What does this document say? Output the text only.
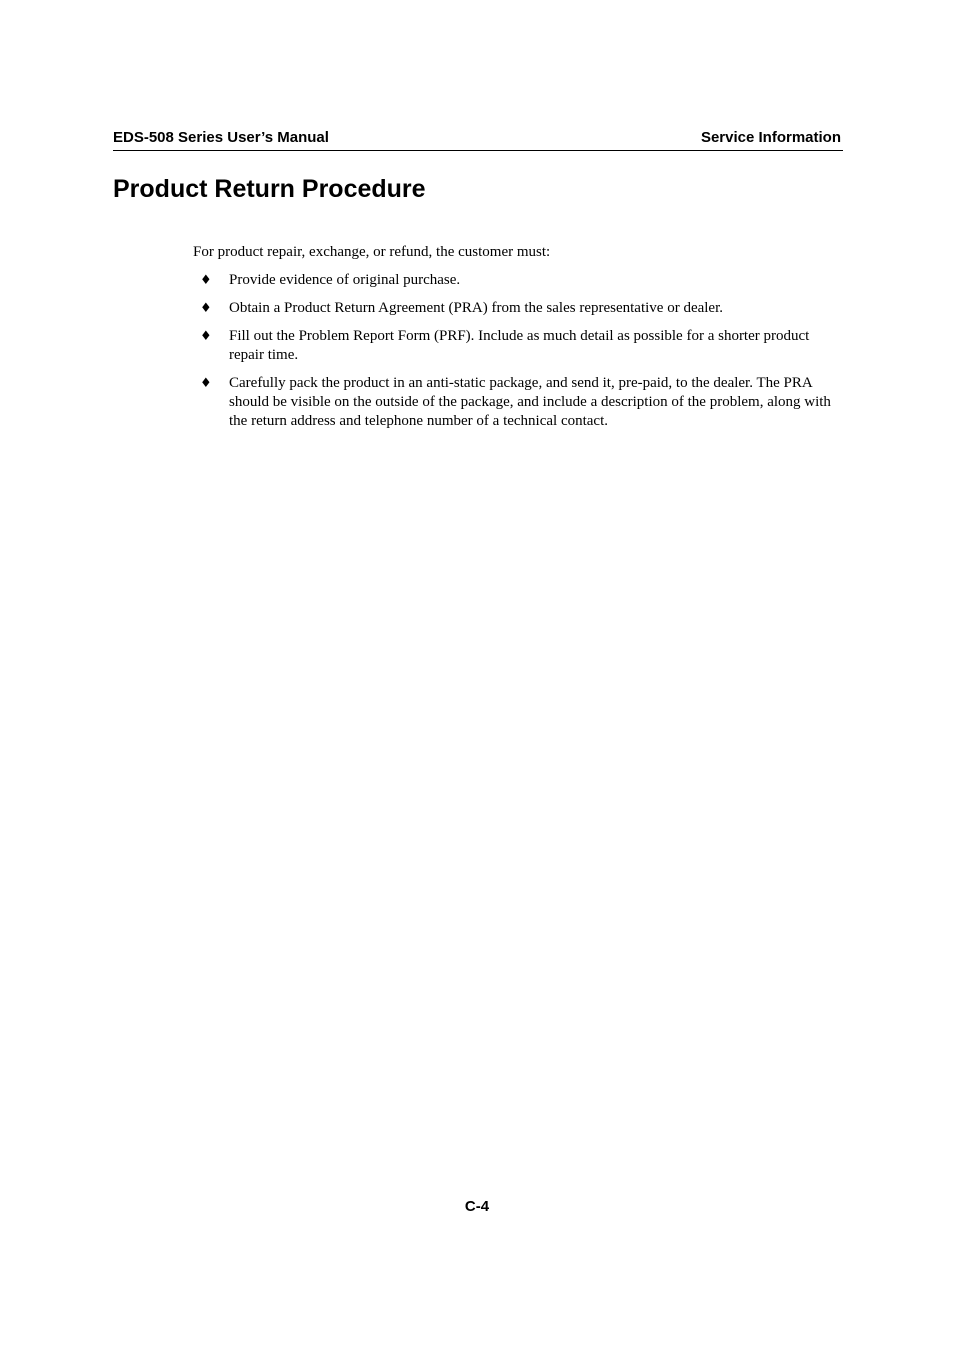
EDS-508 Series User’s Manual	Service Information
Product Return Procedure

For product repair, exchange, or refund, the customer must:

♦ Provide evidence of original purchase.
♦ Obtain a Product Return Agreement (PRA) from the sales representative or dealer.
♦ Fill out the Problem Report Form (PRF). Include as much detail as possible for a shorter product repair time.
♦ Carefully pack the product in an anti-static package, and send it, pre-paid, to the dealer. The PRA should be visible on the outside of the package, and include a description of the problem, along with the return address and telephone number of a technical contact.
C-4
